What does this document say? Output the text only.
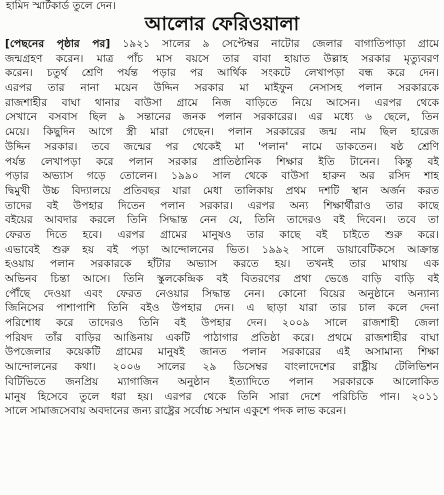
হামিদ স্মার্টকার্ড তুলে দেন।
আলোর ফেরিওয়ালা
[পেছনের পৃষ্ঠার পর] ১৯২১ সালের ৯ সেপ্টেম্বর নাটোর জেলার বাগাতিপাড়া গ্রামে
জন্মগ্রহণ করেন। মাত্র পাঁচ মাস বয়সে তার বাবা হায়াত উল্লাহ সরকার মৃত্যুবরণ
করেন। চতুর্থ শ্রেণি পর্যন্ত পড়ার পর আর্থিক সংকটে লেখাপড়া বন্ধ করে দেন।
এরপর তার নানা ময়েন উদ্দিন সরকার মা মাইফুন নেসাসহ পলান সরকারকে
রাজশাহীর বাঘা থানার বাউসা গ্রামে নিজ বাড়িতে নিয়ে আসেন। এরপর থেকে
সেখানে বসবাস ছিল ৯ সন্তানের জনক পলান সরকারের। এর মধ্যে ৬ ছেলে, তিন
মেয়ে। কিছুদিন আগে স্ত্রী মারা গেছেন। পলান সরকারের জন্ম নাম ছিল হারেজ
উদ্দিন সরকার। তবে জন্মের পর থেকেই মা 'পলান' নামে ডাকতেন। ষষ্ঠ শ্রেণি
পর্যন্ত লেখাপড়া করে পলান সরকার প্রাতিষ্ঠানিক শিক্ষার ইতি টানেন। কিন্তু বই
পড়ার অভ্যাস গড়ে তোলেন। ১৯৯০ সাল থেকে বাউসা হারুন অর রসিদ শাহ
দ্বিমুখী উচ্চ বিদ্যালয়ে প্রতিবছর যারা মেধা তালিকায় প্রথম দশটি স্থান অর্জন করত
তাদের বই উপহার দিতেন পলান সরকার। এরপর অন্য শিক্ষার্থীরাও তার কাছে
বইয়ের আবদার করলে তিনি সিদ্ধান্ত নেন যে, তিনি তাদেরও বই দিবেন। তবে তা
ফেরত দিতে হবে। এরপর গ্রামের মানুষও তার কাছে বই চাইতে শুরু করে।
এভাবেই শুরু হয় বই পড়া আন্দোলনের ভিত। ১৯৯২ সালে ডায়াবেটিকসে আক্রান্ত
হওয়ায় পলান সরকারকে হাঁটার অভ্যাস করতে হয়। তখনই তার মাথায় এক
অভিনব চিন্তা আসে। তিনি স্কুলকেন্দ্রিক বই বিতরণের প্রথা ভেঙে বাড়ি বাড়ি বই
পৌঁছে দেওয়া এবং ফেরত নেওয়ার সিদ্ধান্ত নেন। কোনো বিয়ের অনুষ্ঠানে অন্যান্য
জিনিসের পাশাপাশি তিনি বইও উপহার দেন। এ ছাড়া যারা তার চাল কলে দেনা
পরিশোধ করে তাদেরও তিনি বই উপহার দেন। ২০০৯ সালে রাজশাহী জেলা
পরিষদ তাঁর বাড়ির আঙিনায় একটি পাঠাগার প্রতিষ্ঠা করে। প্রথমে রাজশাহীর বাঘা
উপজেলার কয়েকটি গ্রামের মানুষই জানত পলান সরকারের এই অসামান্য শিক্ষা
আন্দোলনের কথা। ২০০৬ সালের ২৯ ডিসেম্বর বাংলাদেশের রাষ্ট্রীয় টেলিভিশন
বিটিভিতে জনপ্রিয় ম্যাগাজিন অনুষ্ঠান ইত্যাদিতে পলান সরকারকে আলোকিত
মানুষ হিসেবে তুলে ধরা হয়। এরপর থেকে তিনি সারা দেশে পরিচিতি পান। ২০১১
সালে সামাজসেবায় অবদানের জন্য রাষ্ট্রের সর্বোচ্চ সম্মান একুশে পদক লাভ করেন।
